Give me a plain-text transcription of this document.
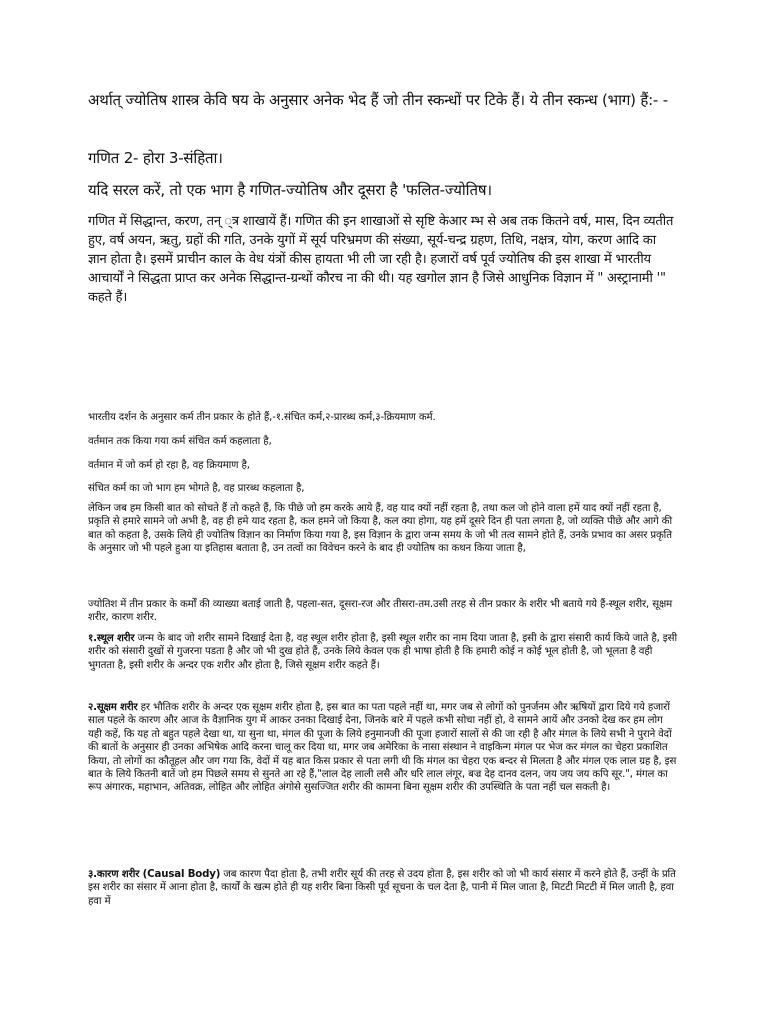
अर्थात् ज्योतिष शास्त्र केवि षय के अनुसार अनेक भेद हैं जो तीन स्कन्धों पर टिके हैं। ये तीन स्कन्ध (भाग) हैं:- -

गणित 2- होरा 3-संहिता।

यदि सरल करें, तो एक भाग है गणित-ज्योतिष और दूसरा है 'फलित-ज्योतिष।

गणित में सिद्धान्त, करण, तन् ्त्र शाखायें हैं। गणित की इन शाखाओं से सृष्टि केआर म्भ से अब तक कितने वर्ष, मास, दिन व्यतीत हुए, वर्ष अयन, ऋतु, ग्रहों की गति, उनके युगों में सूर्य परिभ्रमण की संख्या, सूर्य-चन्द्र ग्रहण, तिथि, नक्षत्र, योग, करण आदि का ज्ञान होता है। इसमें प्राचीन काल के वेध यंत्रों कीस हायता भी ली जा रही है। हजारों वर्ष पूर्व ज्योतिष की इस शाखा में भारतीय आचार्यों ने सिद्धता प्राप्त कर अनेक सिद्धान्त-ग्रन्थों कौरच ना की थी। यह खगोल ज्ञान है जिसे आधुनिक विज्ञान में " अस्ट्रानामी '" कहते हैं।

भारतीय दर्शन के अनुसार कर्म तीन प्रकार के होते हैं,-१.संचित कर्म,२-प्रारब्ध कर्म,३-क्रियमाण कर्म.

वर्तमान तक किया गया कर्म संचित कर्म कहलाता है,

वर्तमान में जो कर्म हो रहा है, वह क्रियमाण है,

संचित कर्म का जो भाग हम भोगते है, वह प्रारब्ध कहलाता है,

लेकिन जब हम किसी बात को सोचते हैं तो कहते हैं, कि पीछे जो हम करके आये हैं, वह याद क्यों नहीं रहता है, तथा कल जो होने वाला हमें याद क्यों नहीं रहता है, प्रकृति से हमारे सामने जो अभी है, वह ही हमे याद रहता है, कल हमने जो किया है, कल क्या होगा, यह हमें दूसरे दिन ही पता लगता है, जो व्यक्ति पीछे और आगे की बात को कहता है, उसके लिये ही ज्योतिष विज्ञान का निर्माण किया गया है, इस विज्ञान के द्वारा जन्म समय के जो भी तत्व सामने होते हैं, उनके प्रभाव का असर प्रकृति के अनुसार जो भी पहले हुआ या इतिहास बताता है, उन तत्वों का विवेचन करने के बाद ही ज्योतिष का कथन किया जाता है,

ज्योतिश में तीन प्रकार के कर्मों की व्याख्या बताई जाती है, पहला-सत, दूसरा-रज और तीसरा-तम.उसी तरह से तीन प्रकार के शरीर भी बताये गये हैं-स्थूल शरीर, सूक्षम शरीर, कारण शरीर.

१.स्थूल शरीर जन्म के बाद जो शरीर सामने दिखाई देता है, वह स्थूल शरीर होता है, इसी स्थूल शरीर का नाम दिया जाता है, इसी के द्वारा संसारी कार्य किये जाते है, इसी शरीर को संसारी दुखों से गुजरना पडता है और जो भी दुख होते हैं, उनके लिये केवल एक ही भाषा होती है कि हमारी कोई न कोई भूल होती है, जो भूलता है वही भुगतता है, इसी शरीर के अन्दर एक शरीर और होता है, जिसे सूक्षम शरीर कहते हैं।

२.सूक्षम शरीर हर भौतिक शरीर के अन्दर एक सूक्षम शरीर होता है, इस बात का पता पहले नहीं था, मगर जब से लोगों को पुनर्जनम और ऋषियों द्वारा दिये गये हजारों साल पहले के कारण और आज के वैज्ञानिक युग में आकर उनका दिखाई देना, जिनके बारे में पहले कभी सोचा नहीं हो, वे सामने आयें और उनको देख कर हम लोग यही कहें, कि यह तो बहुत पहले देखा था, या सुना था, मंगल की पूजा के लिये हनुमानजी की पूजा हजारों सालों से की जा रही है और मंगल के लिये सभी ने पुराने वेदों की बातों के अनुसार ही उनका अभिषेक आदि करना चालू कर दिया था, मगर जब अमेरिका के नासा संस्थान ने वाइकिन्ग मंगल पर भेज कर मंगल का चेहरा प्रकाशित किया, तो लोगों का कौतूहल और जग गया कि, वेदों में यह बात किस प्रकार से पता लगी थी कि मंगल का चेहरा एक बन्दर से मिलता है और मंगल एक लाल ग्रह है, इस बात के लिये कितनी बातें जो हम पिछले समय से सुनते आ रहे हैं,"लाल देह लाली लसै और धरि लाल लंगूर, बज्र देह दानव दलन, जय जय जय कपि सूर.", मंगल का रूप अंगारक, महाभान, अतिवक्र, लोहित और लोहित अंगोसे सुसज्जित शरीर की कामना बिना सूक्षम शरीर की उपस्थिति के पता नहीं चल सकती है।

३.कारण शरीर (Causal Body) जब कारण पैदा होता है, तभी शरीर सूर्य की तरह से उदय होता है, इस शरीर को जो भी कार्य संसार में करने होते हैं, उन्हीं के प्रति इस शरीर का संसार में आना होता है, कार्यों के खत्म होते ही यह शरीर बिना किसी पूर्व सूचना के चल देता है, पानी में मिल जाता है, मिटटी मिटटी में मिल जाती है, हवा हवा में
